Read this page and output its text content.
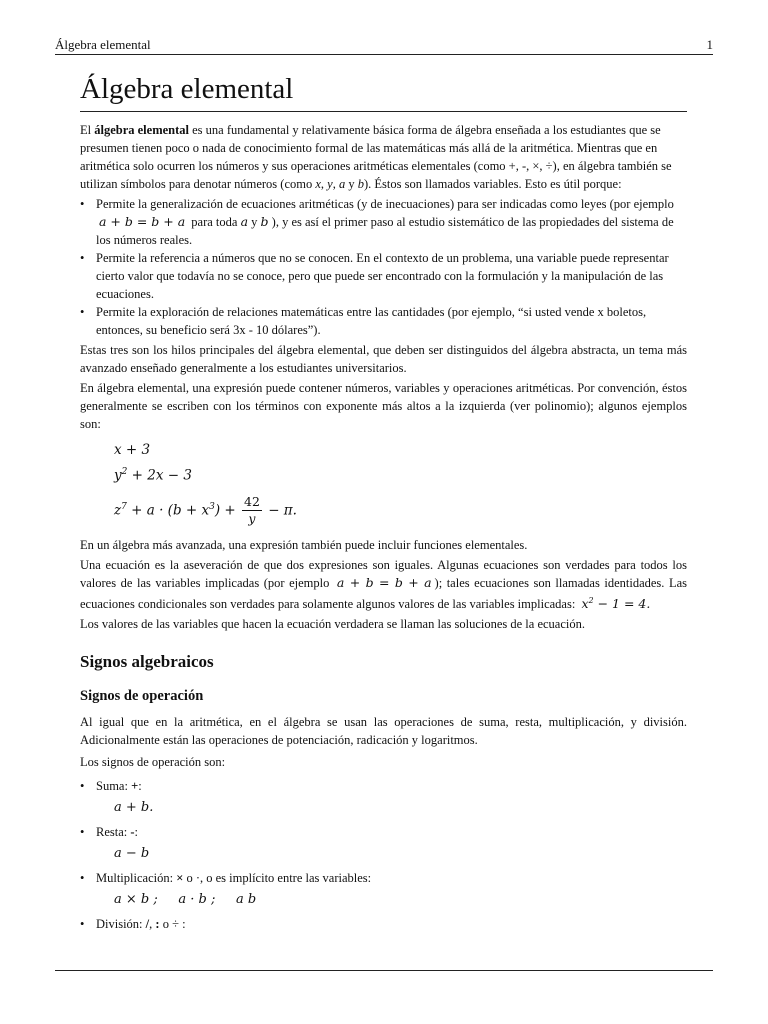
Álgebra elemental	1
Álgebra elemental

El álgebra elemental es una fundamental y relativamente básica forma de álgebra enseñada a los estudiantes que se presumen tienen poco o nada de conocimiento formal de las matemáticas más allá de la aritmética. Mientras que en aritmética solo ocurren los números y sus operaciones aritméticas elementales (como +, -, ×, ÷), en álgebra también se utilizan símbolos para denotar números (como x, y, a y b). Éstos son llamados variables. Esto es útil porque:

• Permite la generalización de ecuaciones aritméticas (y de inecuaciones) para ser indicadas como leyes (por ejemplo a + b = b + a para toda a y b ), y es así el primer paso al estudio sistemático de las propiedades del sistema de los números reales.
• Permite la referencia a números que no se conocen. En el contexto de un problema, una variable puede representar cierto valor que todavía no se conoce, pero que puede ser encontrado con la formulación y la manipulación de las ecuaciones.
• Permite la exploración de relaciones matemáticas entre las cantidades (por ejemplo, “si usted vende x boletos, entonces, su beneficio será 3x - 10 dólares”).

Estas tres son los hilos principales del álgebra elemental, que deben ser distinguidos del álgebra abstracta, un tema más avanzado enseñado generalmente a los estudiantes universitarios.

En álgebra elemental, una expresión puede contener números, variables y operaciones aritméticas. Por convención, éstos generalmente se escriben con los términos con exponente más altos a la izquierda (ver polinomio); algunos ejemplos son:

x + 3
$y^2 + 2x - 3$
$z^7 + a \cdot (b + x^3) + \frac{42}{y} - \pi$.

En un álgebra más avanzada, una expresión también puede incluir funciones elementales.

Una ecuación es la aseveración de que dos expresiones son iguales. Algunas ecuaciones son verdades para todos los valores de las variables implicadas (por ejemplo a + b = b + a ); tales ecuaciones son llamadas identidades. Las ecuaciones condicionales son verdades para solamente algunos valores de las variables implicadas: $x^2 - 1 = 4$.

Los valores de las variables que hacen la ecuación verdadera se llaman las soluciones de la ecuación.

Signos algebraicos
Signos de operación

Al igual que en la aritmética, en el álgebra se usan las operaciones de suma, resta, multiplicación, y división. Adicionalmente están las operaciones de potenciación, radicación y logaritmos.

Los signos de operación son:

• Suma: +:
a + b.
• Resta: -:
a − b
• Multiplicación: × o ·, o es implícito entre las variables:
a × b ;     a · b ;     a b
• División: /, : o ÷ :
